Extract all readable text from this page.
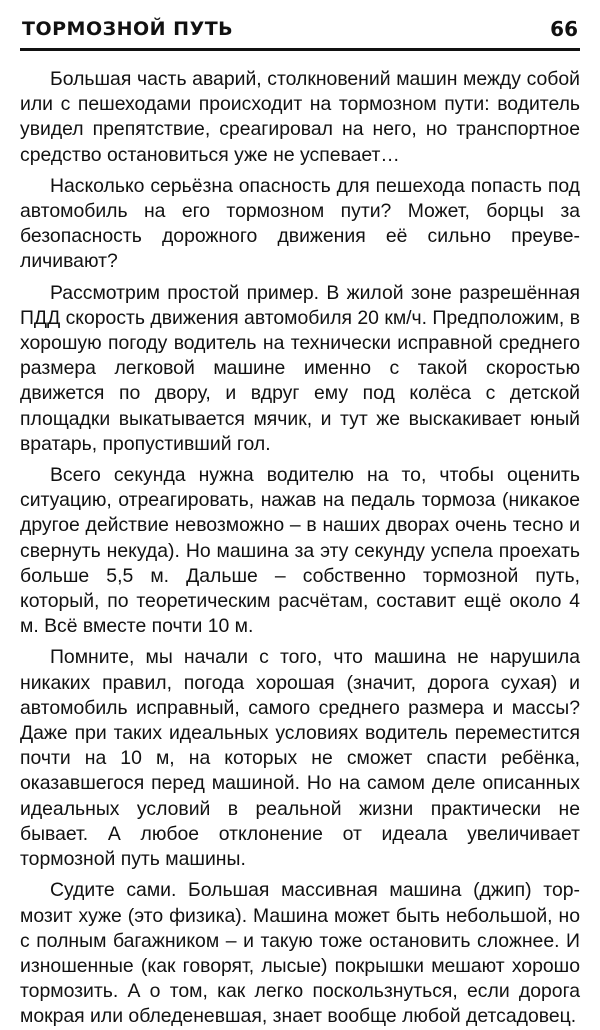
ТОРМОЗНОЙ ПУТЬ	66

Большая часть аварий, столкновений машин между собой или с пешеходами происходит на тормозном пути: водитель увидел препятствие, среагировал на него, но транспортное средство остановиться уже не успевает…

Насколько серьёзна опасность для пешехода попасть под автомобиль на его тормозном пути? Может, борцы за безопасность дорожного движения её сильно преувеличивают?

Рассмотрим простой пример. В жилой зоне разрешённая ПДД скорость движения автомобиля 20 км/ч. Предположим, в хорошую погоду водитель на технически исправной среднего размера легковой машине именно с такой скоростью движется по двору, и вдруг ему под колёса с детской площадки выкатывается мячик, и тут же выскакивает юный вратарь, пропустивший гол.

Всего секунда нужна водителю на то, чтобы оценить ситуацию, отреагировать, нажав на педаль тормоза (никакое другое действие невозможно – в наших дворах очень тесно и свернуть некуда). Но машина за эту секунду успела проехать больше 5,5 м. Дальше – собственно тормозной путь, который, по теоретическим расчётам, составит ещё около 4 м. Всё вместе почти 10 м.

Помните, мы начали с того, что машина не нарушила никаких правил, погода хорошая (значит, дорога сухая) и автомобиль исправный, самого среднего размера и массы? Даже при таких идеальных условиях водитель переместится почти на 10 м, на которых не сможет спасти ребёнка, оказавшегося перед машиной. Но на самом деле описанных идеальных условий в реальной жизни практически не бывает. А любое отклонение от идеала увеличивает тормозной путь машины.

Судите сами. Большая массивная машина (джип) тормозит хуже (это физика). Машина может быть небольшой, но с полным багажником – и такую тоже остановить сложнее. И изношенные (как говорят, лысые) покрышки мешают хорошо тормозить. А о том, как легко поскользнуться, если дорога мокрая или обледеневшая, знает вообще любой детсадовец.
